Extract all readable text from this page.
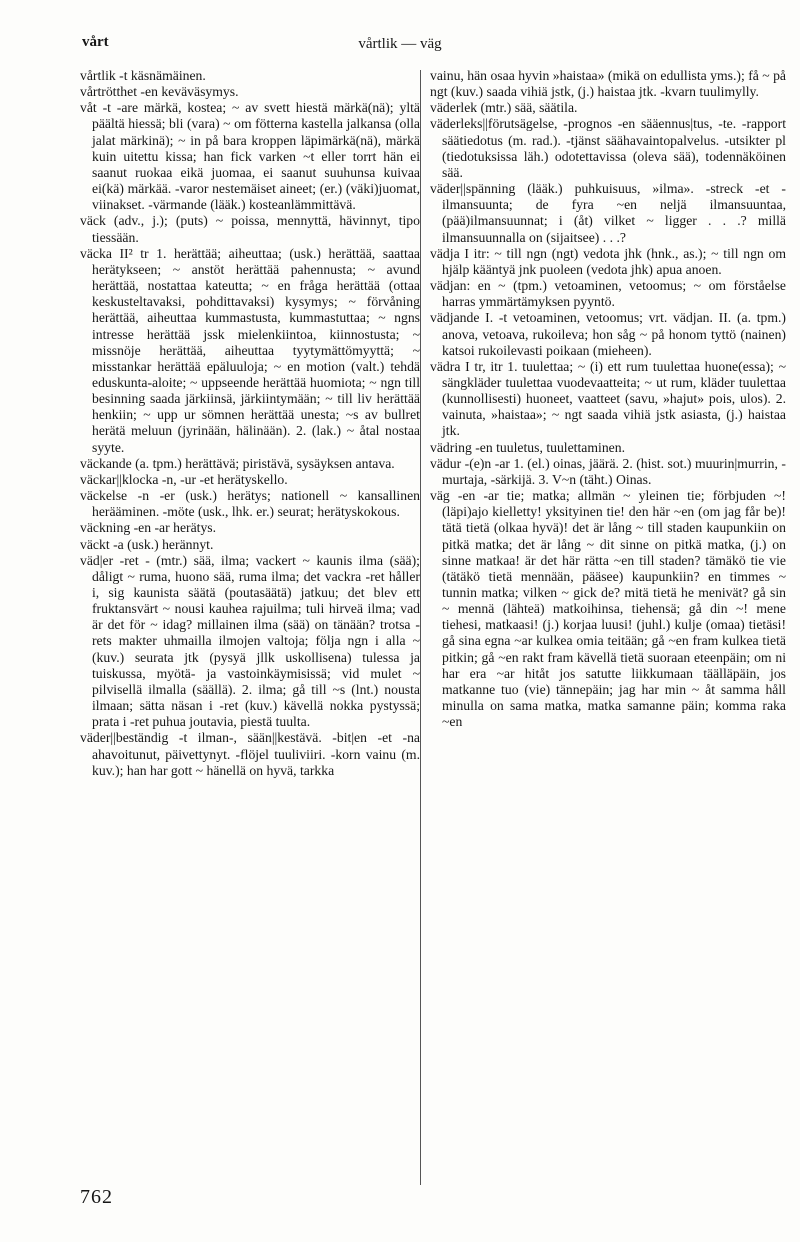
vårt	vårtlik — väg

vårtlik -t käsnämäinen.

vårtrötthet -en keväväsymys.

våt -t -are märkä, kostea; ~ av svett hiestä märkä(nä); yltä päältä hiessä; bli (vara) ~ om fötterna kastella jalkansa (olla jalat märkinä); ~ in på bara kroppen läpimärkä(nä), märkä kuin uitettu kissa; han fick varken ~t eller torrt hän ei saanut ruokaa eikä juomaa, ei saanut suuhunsa kuivaa ei(kä) märkää. -varor nestemäiset aineet; (er.) (väki)juomat, viinakset. -värmande (lääk.) kosteanlämmittävä.

väck (adv., j.); (puts) ~ poissa, mennyttä, hävinnyt, tipo tiessään.

väcka II² tr 1. herättää; aiheuttaa; (usk.) herättää, saattaa herätykseen; ~ anstöt herättää pahennusta; ~ avund herättää, nostattaa kateutta; ~ en fråga herättää (ottaa keskusteltavaksi, pohdittavaksi) kysymys; ~ förvåning herättää, aiheuttaa kummastusta, kummastuttaa; ~ ngns intresse herättää jssk mielenkiintoa, kiinnostusta; ~ missnöje herättää, aiheuttaa tyytymättömyyttä; ~ misstankar herättää epäluuloja; ~ en motion (valt.) tehdä eduskunta-aloite; ~ uppseende herättää huomiota; ~ ngn till besinning saada järkiinsä, järkiintymään; ~ till liv herättää henkiin; ~ upp ur sömnen herättää unesta; ~s av bullret herätä meluun (jyrinään, hälinään). 2. (lak.) ~ åtal nostaa syyte.

väckande (a. tpm.) herättävä; piristävä, sysäyksen antava.

väckar||klocka -n, -ur -et herätyskello.

väckelse -n -er (usk.) herätys; nationell ~ kansallinen herääminen. -möte (usk., lhk. er.) seurat; herätyskokous.

väckning -en -ar herätys.

väckt -a (usk.) herännyt.

väd|er -ret - (mtr.) sää, ilma; vackert ~ kaunis ilma (sää); dåligt ~ ruma, huono sää, ruma ilma; det vackra -ret håller i, sig kaunista säätä (poutasäätä) jatkuu; det blev ett fruktansvärt ~ nousi kauhea rajuilma; tuli hirveä ilma; vad är det för ~ idag? millainen ilma (sää) on tänään? trotsa -rets makter uhmailla ilmojen valtoja; följa ngn i alla ~ (kuv.) seurata jtk (pysyä jllk uskollisena) tulessa ja tuiskussa, myötä- ja vastoinkäymisissä; vid mulet ~ pilvisellä ilmalla (säällä). 2. ilma; gå till ~s (lnt.) nousta ilmaan; sätta näsan i -ret (kuv.) kävellä nokka pystyssä; prata i -ret puhua joutavia, piestä tuulta.

väder||beständig -t ilman-, sään||kestävä. -bit|en -et -na ahavoitunut, päivettynyt. -flöjel tuuliviiri. -korn vainu (m. kuv.); han har gott ~ hänellä on hyvä, tarkka

vainu, hän osaa hyvin »haistaa» (mikä on edullista yms.); få ~ på ngt (kuv.) saada vihiä jstk, (j.) haistaa jtk. -kvarn tuulimylly.

väderlek (mtr.) sää, säätila.

väderleks||förutsägelse, -prognos -en sääennus|tus, -te. -rapport säätiedotus (m. rad.). -tjänst säähavaintopalvelus. -utsikter pl (tiedotuksissa läh.) odotettavissa (oleva sää), todennäköinen sää.

väder||spänning (lääk.) puhkuisuus, »ilma». -streck -et - ilmansuunta; de fyra ~en neljä ilmansuuntaa, (pää)ilmansuunnat; i (åt) vilket ~ ligger . . .? millä ilmansuunnalla on (sijaitsee) . . .?

vädja I itr: ~ till ngn (ngt) vedota jhk (hnk., as.); ~ till ngn om hjälp kääntyä jnk puoleen (vedota jhk) apua anoen.

vädjan: en ~ (tpm.) vetoaminen, vetoomus; ~ om förståelse harras ymmärtämyksen pyyntö.

vädjande I. -t vetoaminen, vetoomus; vrt. vädjan. II. (a. tpm.) anova, vetoava, rukoileva; hon såg ~ på honom tyttö (nainen) katsoi rukoilevasti poikaan (mieheen).

vädra I tr, itr 1. tuulettaa; ~ (i) ett rum tuulettaa huone(essa); ~ sängkläder tuulettaa vuodevaatteita; ~ ut rum, kläder tuulettaa (kunnollisesti) huoneet, vaatteet (savu, »hajut» pois, ulos). 2. vainuta, »haistaa»; ~ ngt saada vihiä jstk asiasta, (j.) haistaa jtk.

vädring -en tuuletus, tuulettaminen.

vädur -(e)n -ar 1. (el.) oinas, jäärä. 2. (hist. sot.) muurin|murrin, -murtaja, -särkijä. 3. V~n (täht.) Oinas.

väg -en -ar tie; matka; allmän ~ yleinen tie; förbjuden ~! (läpi)ajo kielletty! yksityinen tie! den här ~en (om jag får be)! tätä tietä (olkaa hyvä)! det är lång ~ till staden kaupunkiin on pitkä matka; det är lång ~ dit sinne on pitkä matka, (j.) on sinne matkaa! är det här rätta ~en till staden? tämäkö tie vie (tätäkö tietä mennään, pääsee) kaupunkiin? en timmes ~ tunnin matka; vilken ~ gick de? mitä tietä he menivät? gå sin ~ mennä (lähteä) matkoihinsa, tiehensä; gå din ~! mene tiehesi, matkaasi! (j.) korjaa luusi! (juhl.) kulje (omaa) tietäsi! gå sina egna ~ar kulkea omia teitään; gå ~en fram kulkea tietä pitkin; gå ~en rakt fram kävellä tietä suoraan eteenpäin; om ni har era ~ar hitåt jos satutte liikkumaan täälläpäin, jos matkanne tuo (vie) tännepäin; jag har min ~ åt samma håll minulla on sama matka, matka samanne päin; komma raka ~en

762
